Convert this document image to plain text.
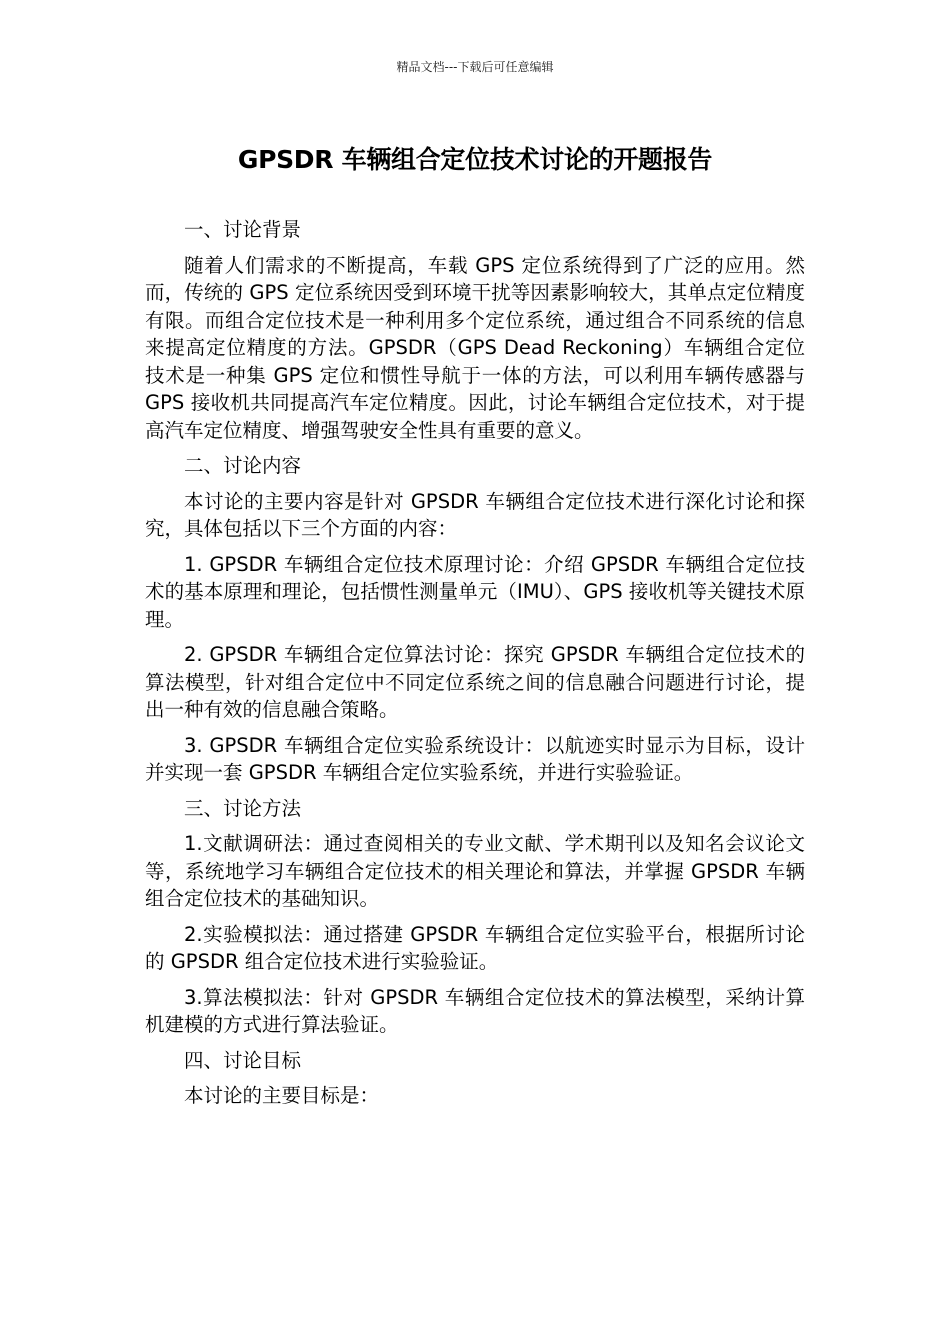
精品文档---下载后可任意编辑
GPSDR 车辆组合定位技术讨论的开题报告

一、讨论背景

随着人们需求的不断提高，车载 GPS 定位系统得到了广泛的应用。然而，传统的 GPS 定位系统因受到环境干扰等因素影响较大，其单点定位精度有限。而组合定位技术是一种利用多个定位系统，通过组合不同系统的信息来提高定位精度的方法。GPSDR（GPS Dead Reckoning）车辆组合定位技术是一种集 GPS 定位和惯性导航于一体的方法，可以利用车辆传感器与 GPS 接收机共同提高汽车定位精度。因此，讨论车辆组合定位技术，对于提高汽车定位精度、增强驾驶安全性具有重要的意义。

二、讨论内容

本讨论的主要内容是针对 GPSDR 车辆组合定位技术进行深化讨论和探究，具体包括以下三个方面的内容：

1. GPSDR 车辆组合定位技术原理讨论：介绍 GPSDR 车辆组合定位技术的基本原理和理论，包括惯性测量单元（IMU）、GPS 接收机等关键技术原理。

2. GPSDR 车辆组合定位算法讨论：探究 GPSDR 车辆组合定位技术的算法模型，针对组合定位中不同定位系统之间的信息融合问题进行讨论，提出一种有效的信息融合策略。

3. GPSDR 车辆组合定位实验系统设计：以航迹实时显示为目标，设计并实现一套 GPSDR 车辆组合定位实验系统，并进行实验验证。

三、讨论方法

1.文献调研法：通过查阅相关的专业文献、学术期刊以及知名会议论文等，系统地学习车辆组合定位技术的相关理论和算法，并掌握 GPSDR 车辆组合定位技术的基础知识。

2.实验模拟法：通过搭建 GPSDR 车辆组合定位实验平台，根据所讨论的 GPSDR 组合定位技术进行实验验证。

3.算法模拟法：针对 GPSDR 车辆组合定位技术的算法模型，采纳计算机建模的方式进行算法验证。

四、讨论目标

本讨论的主要目标是：
